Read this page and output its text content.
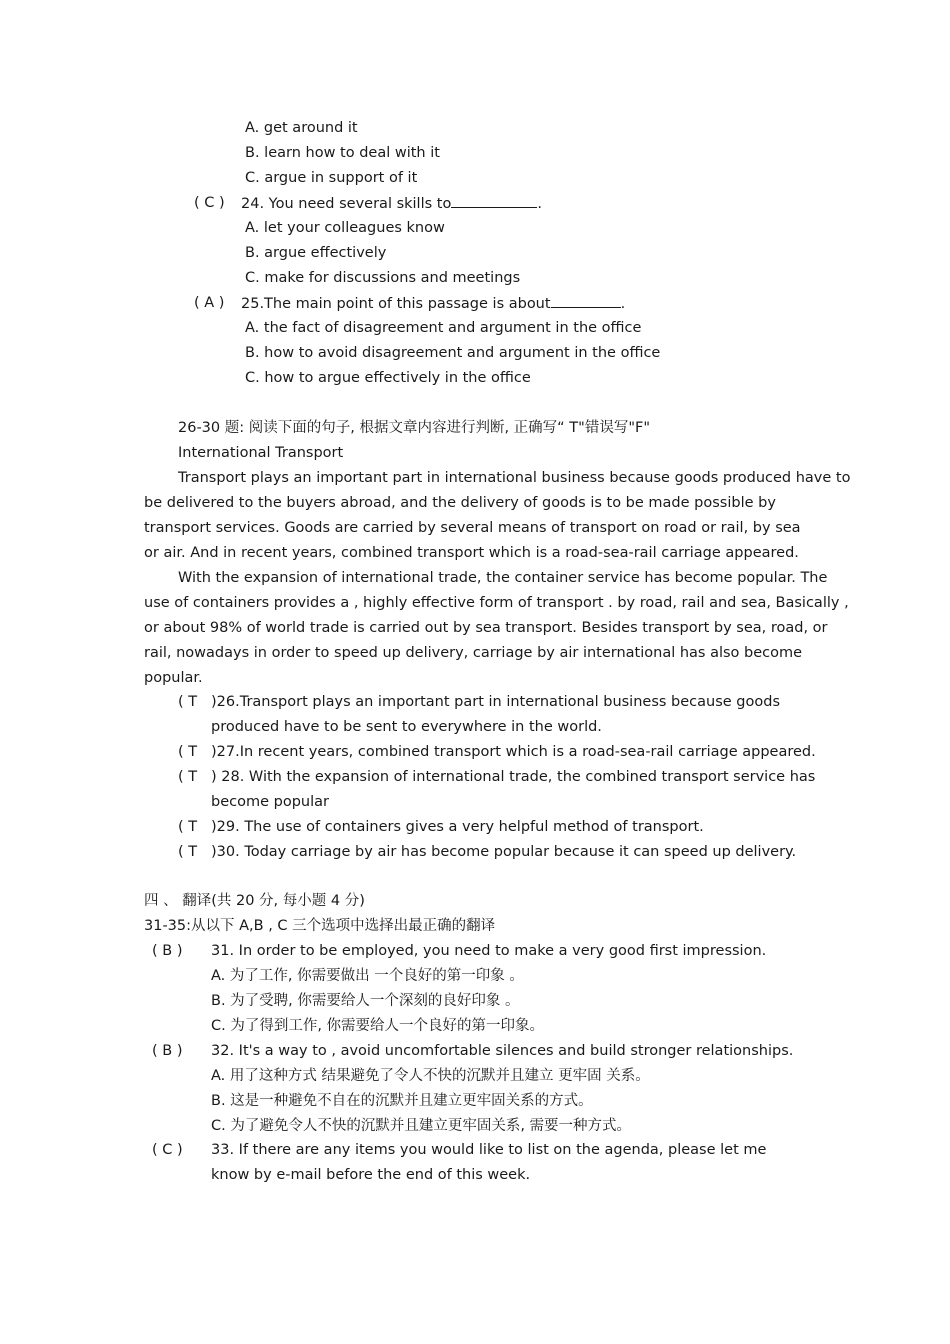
A. get around it
B. learn how to deal with it
C. argue in support of it
( C ) 24. You need several skills to	.
A. let your colleagues know
B. argue effectively
C. make for discussions and meetings
( A ) 25.The main point of this passage is about	.
A. the fact of disagreement and argument in the office
B. how to avoid disagreement and argument in the office
C. how to argue effectively in the office
26-30 题: 阅读下面的句子, 根据文章内容进行判断, 正确写“ T"错误写"F"
International Transport
Transport plays an important part in international business because goods produced have to
be delivered to the buyers abroad, and the delivery of goods is to be made possible by
transport services. Goods are carried by several means of transport on road or rail, by sea
or air. And in recent years, combined transport which is a road-sea-rail carriage appeared.
With the expansion of international trade, the container service has become popular. The
use of containers provides a , highly effective form of transport . by road, rail and sea, Basically ,
or about 98% of world trade is carried out by sea transport. Besides transport by sea, road, or
rail, nowadays in order to speed up delivery, carriage by air international has also become
popular.
( T )26.Transport plays an important part in international business because goods
produced have to be sent to everywhere in the world.
( T )27.In recent years, combined transport which is a road-sea-rail carriage appeared.
( T ) 28. With the expansion of international trade, the combined transport service has
become popular
( T )29. The use of containers gives a very helpful method of transport.
( T )30. Today carriage by air has become popular because it can speed up delivery.
四 、 翻译(共 20 分, 每小题 4 分)
31-35:从以下 A,B , C 三个选项中选择出最正确的翻译
( B ) 31. In order to be employed, you need to make a very good first impression.
A. 为了工作, 你需要做出 一个良好的第一印象 。
B. 为了受聘, 你需要给人一个深刻的良好印象 。
C. 为了得到工作, 你需要给人一个良好的第一印象。
( B ) 32. It's a way to , avoid uncomfortable silences and build stronger relationships.
A. 用了这种方式 结果避免了令人不快的沉默并且建立 更牢固 关系。
B. 这是一种避免不自在的沉默并且建立更牢固关系的方式。
C. 为了避免令人不快的沉默并且建立更牢固关系, 需要一种方式。
( C ) 33. If there are any items you would like to list on the agenda, please let me
know by e-mail before the end of this week.
